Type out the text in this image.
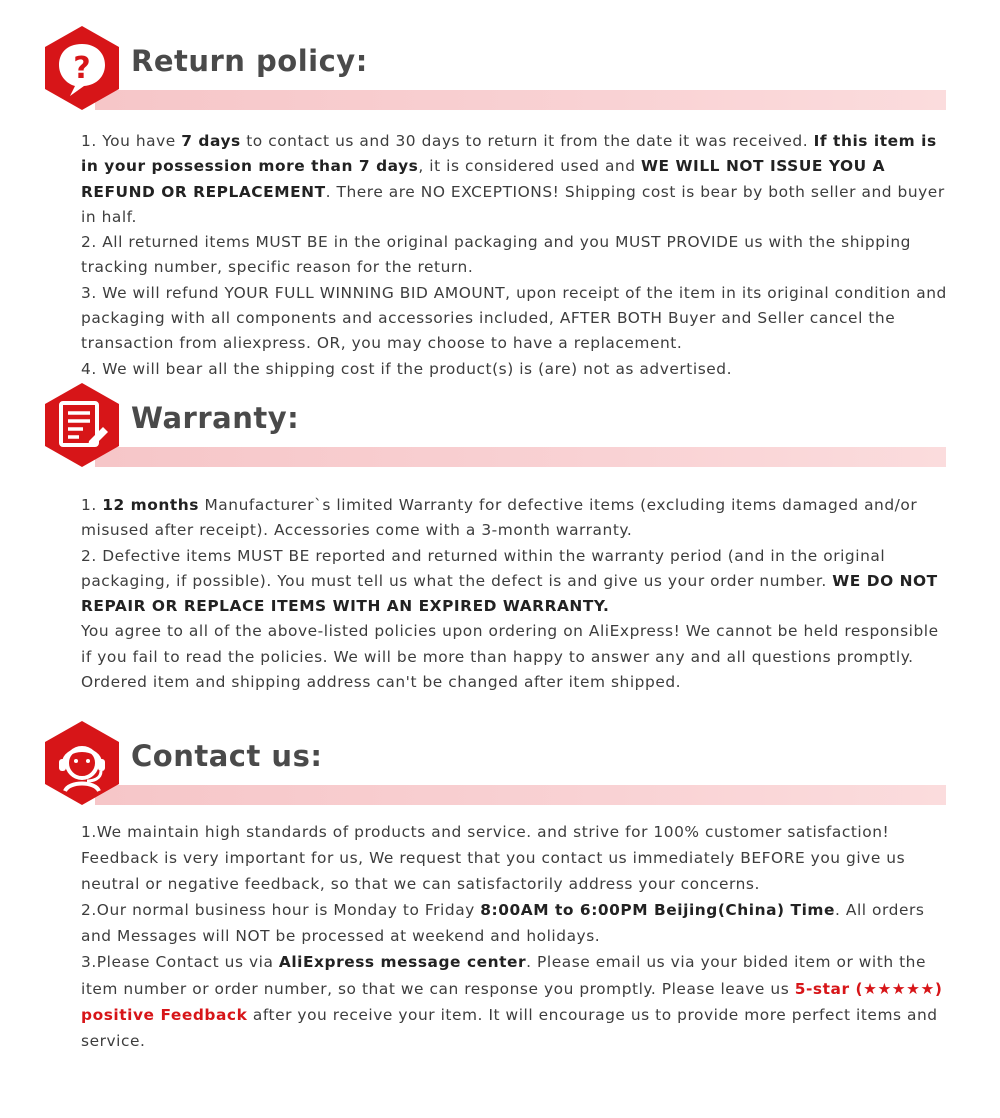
? Return policy:

1. You have 7 days to contact us and 30 days to return it from the date it was received. If this item is in your possession more than 7 days, it is considered used and WE WILL NOT ISSUE YOU A REFUND OR REPLACEMENT. There are NO EXCEPTIONS! Shipping cost is bear by both seller and buyer in half.

2. All returned items MUST BE in the original packaging and you MUST PROVIDE us with the shipping tracking number, specific reason for the return.

3. We will refund YOUR FULL WINNING BID AMOUNT, upon receipt of the item in its original condition and packaging with all components and accessories included, AFTER BOTH Buyer and Seller cancel the transaction from aliexpress. OR, you may choose to have a replacement.

4. We will bear all the shipping cost if the product(s) is (are) not as advertised.

Warranty:

1. 12 months Manufacturer`s limited Warranty for defective items (excluding items damaged and/or misused after receipt). Accessories come with a 3-month warranty.

2. Defective items MUST BE reported and returned within the warranty period (and in the original packaging, if possible). You must tell us what the defect is and give us your order number. WE DO NOT REPAIR OR REPLACE ITEMS WITH AN EXPIRED WARRANTY.

You agree to all of the above-listed policies upon ordering on AliExpress! We cannot be held responsible if you fail to read the policies. We will be more than happy to answer any and all questions promptly. Ordered item and shipping address can't be changed after item shipped.

Contact us:

1.We maintain high standards of products and service. and strive for 100% customer satisfaction! Feedback is very important for us, We request that you contact us immediately BEFORE you give us neutral or negative feedback, so that we can satisfactorily address your concerns.

2.Our normal business hour is Monday to Friday 8:00AM to 6:00PM Beijing(China) Time. All orders and Messages will NOT be processed at weekend and holidays.

3.Please Contact us via AliExpress message center. Please email us via your bided item or with the item number or order number, so that we can response you promptly. Please leave us 5-star (★★★★★) positive Feedback after you receive your item. It will encourage us to provide more perfect items and service.
